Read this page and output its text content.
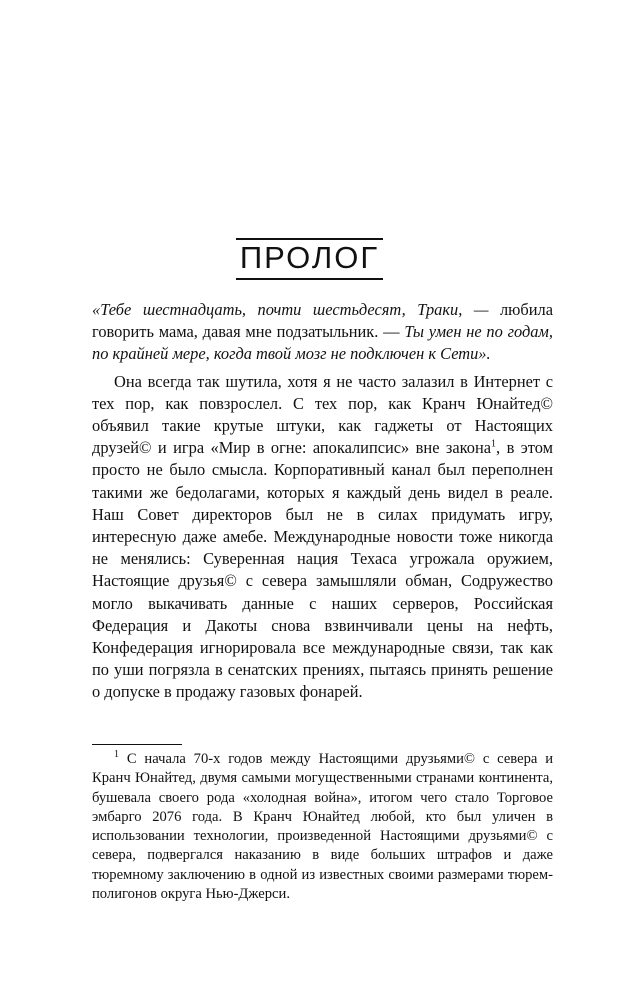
ПРОЛОГ

«Тебе шестнадцать, почти шестьдесят, Траки, — любила говорить мама, давая мне подзатыльник. — Ты умен не по годам, по крайней мере, когда твой мозг не подключен к Сети».

Она всегда так шутила, хотя я не часто залазил в Интернет с тех пор, как повзрослел. С тех пор, как Кранч Юнайтед© объявил такие крутые штуки, как гаджеты от Настоящих друзей© и игра «Мир в огне: апокалипсис» вне закона$^1$, в этом просто не было смысла. Корпоративный канал был переполнен такими же бедолагами, которых я каждый день видел в реале. Наш Совет директоров был не в силах придумать игру, интересную даже амебе. Международные новости тоже никогда не менялись: Суверенная нация Техаса угрожала оружием, Настоящие друзья© с севера замышляли обман, Содружество могло выкачивать данные с наших серверов, Российская Федерация и Дакоты снова взвинчивали цены на нефть, Конфедерация игнорировала все международные связи, так как по уши погрязла в сенатских прениях, пытаясь принять решение о допуске в продажу газовых фонарей.

$^1$ С начала 70-х годов между Настоящими друзьями© с севера и Кранч Юнайтед, двумя самыми могущественными странами континента, бушевала своего рода «холодная война», итогом чего стало Торговое эмбарго 2076 года. В Кранч Юнайтед любой, кто был уличен в использовании технологии, произведенной Настоящими друзьями© с севера, подвергался наказанию в виде больших штрафов и даже тюремному заключению в одной из известных своими размерами тюрем-полигонов округа Нью-Джерси.
